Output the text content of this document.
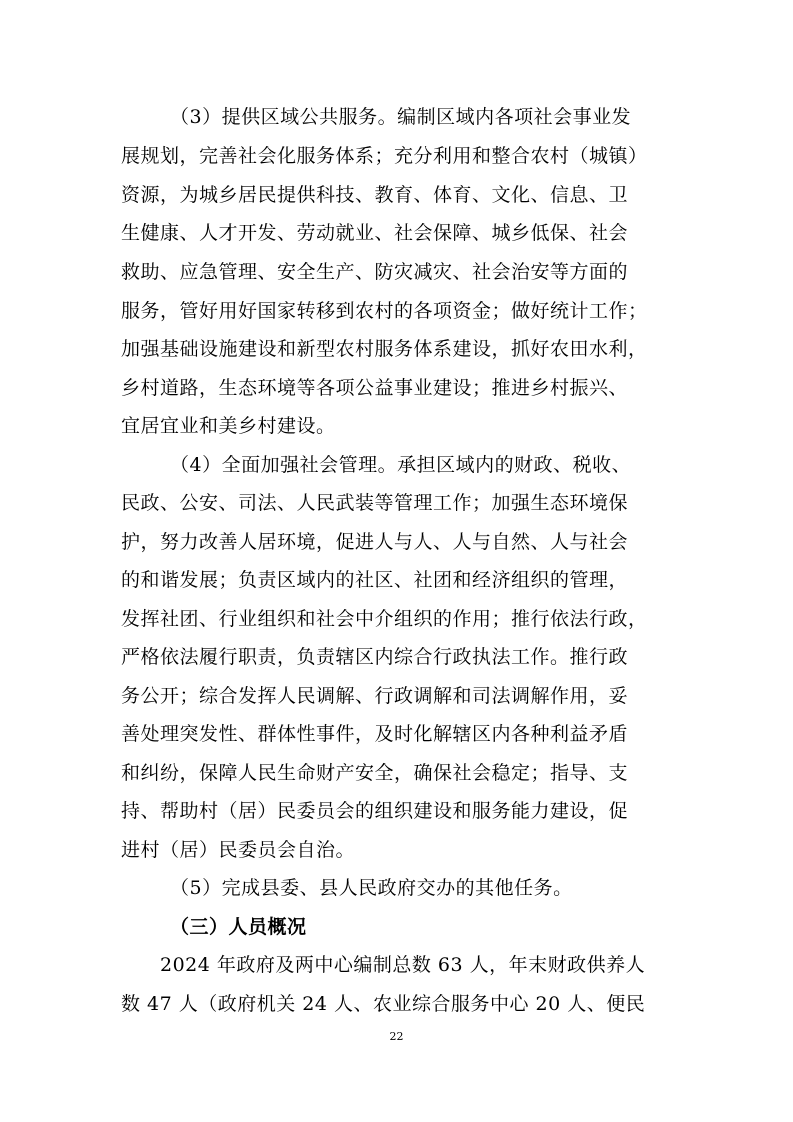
（3）提供区域公共服务。编制区域内各项社会事业发
展规划，完善社会化服务体系；充分利用和整合农村（城镇）
资源，为城乡居民提供科技、教育、体育、文化、信息、卫
生健康、人才开发、劳动就业、社会保障、城乡低保、社会
救助、应急管理、安全生产、防灾减灾、社会治安等方面的
服务，管好用好国家转移到农村的各项资金；做好统计工作；
加强基础设施建设和新型农村服务体系建设，抓好农田水利，
乡村道路，生态环境等各项公益事业建设；推进乡村振兴、
宜居宜业和美乡村建设。
（4）全面加强社会管理。承担区域内的财政、税收、
民政、公安、司法、人民武装等管理工作；加强生态环境保
护，努力改善人居环境，促进人与人、人与自然、人与社会
的和谐发展；负责区域内的社区、社团和经济组织的管理，
发挥社团、行业组织和社会中介组织的作用；推行依法行政，
严格依法履行职责，负责辖区内综合行政执法工作。推行政
务公开；综合发挥人民调解、行政调解和司法调解作用，妥
善处理突发性、群体性事件，及时化解辖区内各种利益矛盾
和纠纷，保障人民生命财产安全，确保社会稳定；指导、支
持、帮助村（居）民委员会的组织建设和服务能力建设，促
进村（居）民委员会自治。
（5）完成县委、县人民政府交办的其他任务。
（三）人员概况
2024 年政府及两中心编制总数 63 人，年末财政供养人
数 47 人（政府机关 24 人、农业综合服务中心 20 人、便民
22
